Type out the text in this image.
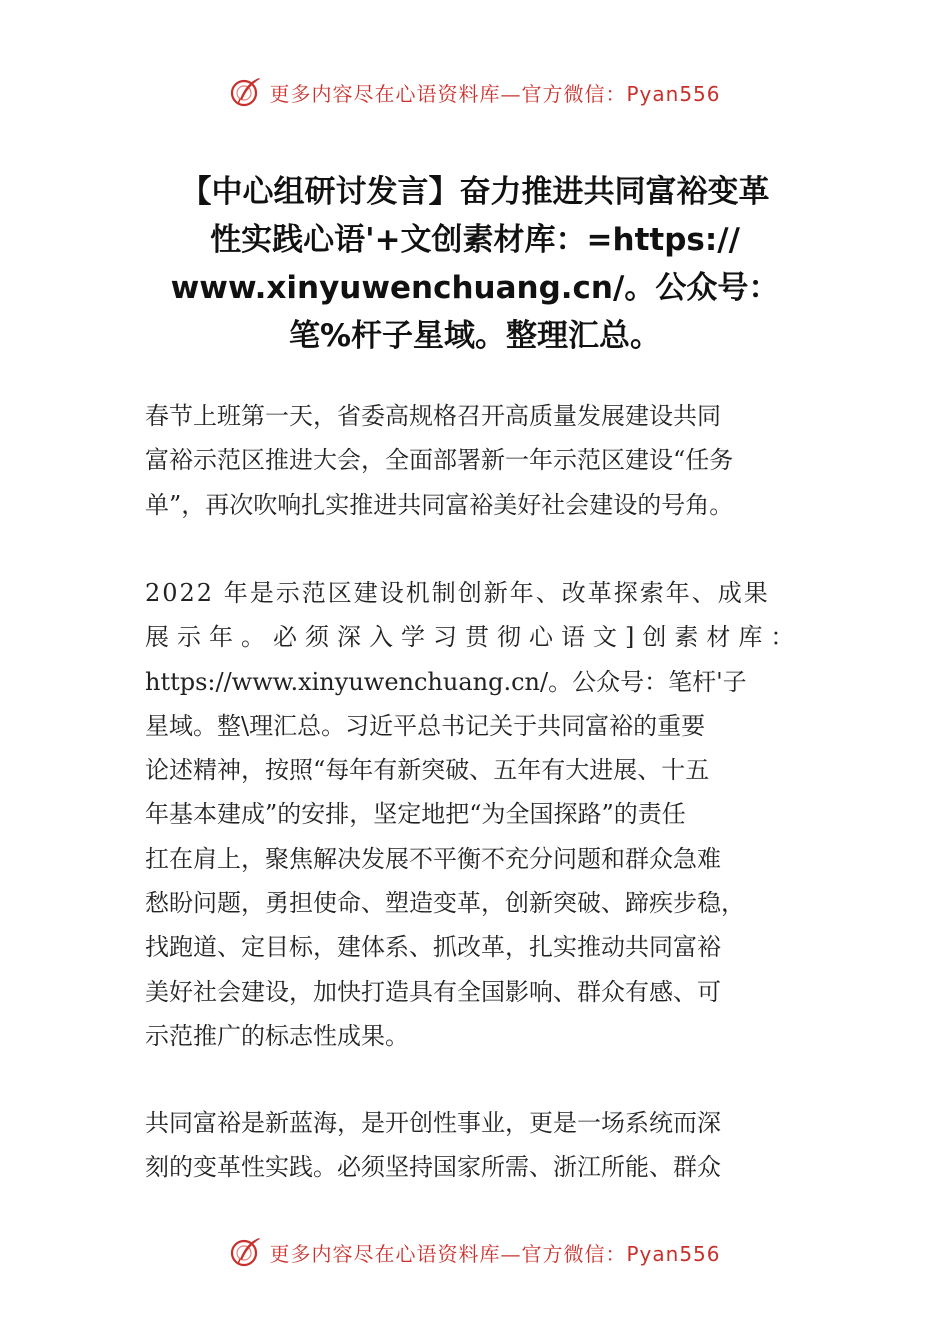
更多内容尽在心语资料库—官方微信：Pyan556
【中心组研讨发言】奋力推进共同富裕变革
性实践心语'+文创素材库：=https://
www.xinyuwenchuang.cn/。公众号：
笔%杆子星域。整理汇总。

春节上班第一天，省委高规格召开高质量发展建设共同
富裕示范区推进大会，全面部署新一年示范区建设“任务
单”，再次吹响扎实推进共同富裕美好社会建设的号角。

2022 年是示范区建设机制创新年、改革探索年、成果
展示年。必须深入学习贯彻心语文]创素材库：
https://www.xinyuwenchuang.cn/。公众号：笔杆'子
星域。整\理汇总。习近平总书记关于共同富裕的重要
论述精神，按照“每年有新突破、五年有大进展、十五
年基本建成”的安排，坚定地把“为全国探路”的责任
扛在肩上，聚焦解决发展不平衡不充分问题和群众急难
愁盼问题，勇担使命、塑造变革，创新突破、蹄疾步稳，
找跑道、定目标，建体系、抓改革，扎实推动共同富裕
美好社会建设，加快打造具有全国影响、群众有感、可
示范推广的标志性成果。

共同富裕是新蓝海，是开创性事业，更是一场系统而深
刻的变革性实践。必须坚持国家所需、浙江所能、群众

更多内容尽在心语资料库—官方微信：Pyan556
